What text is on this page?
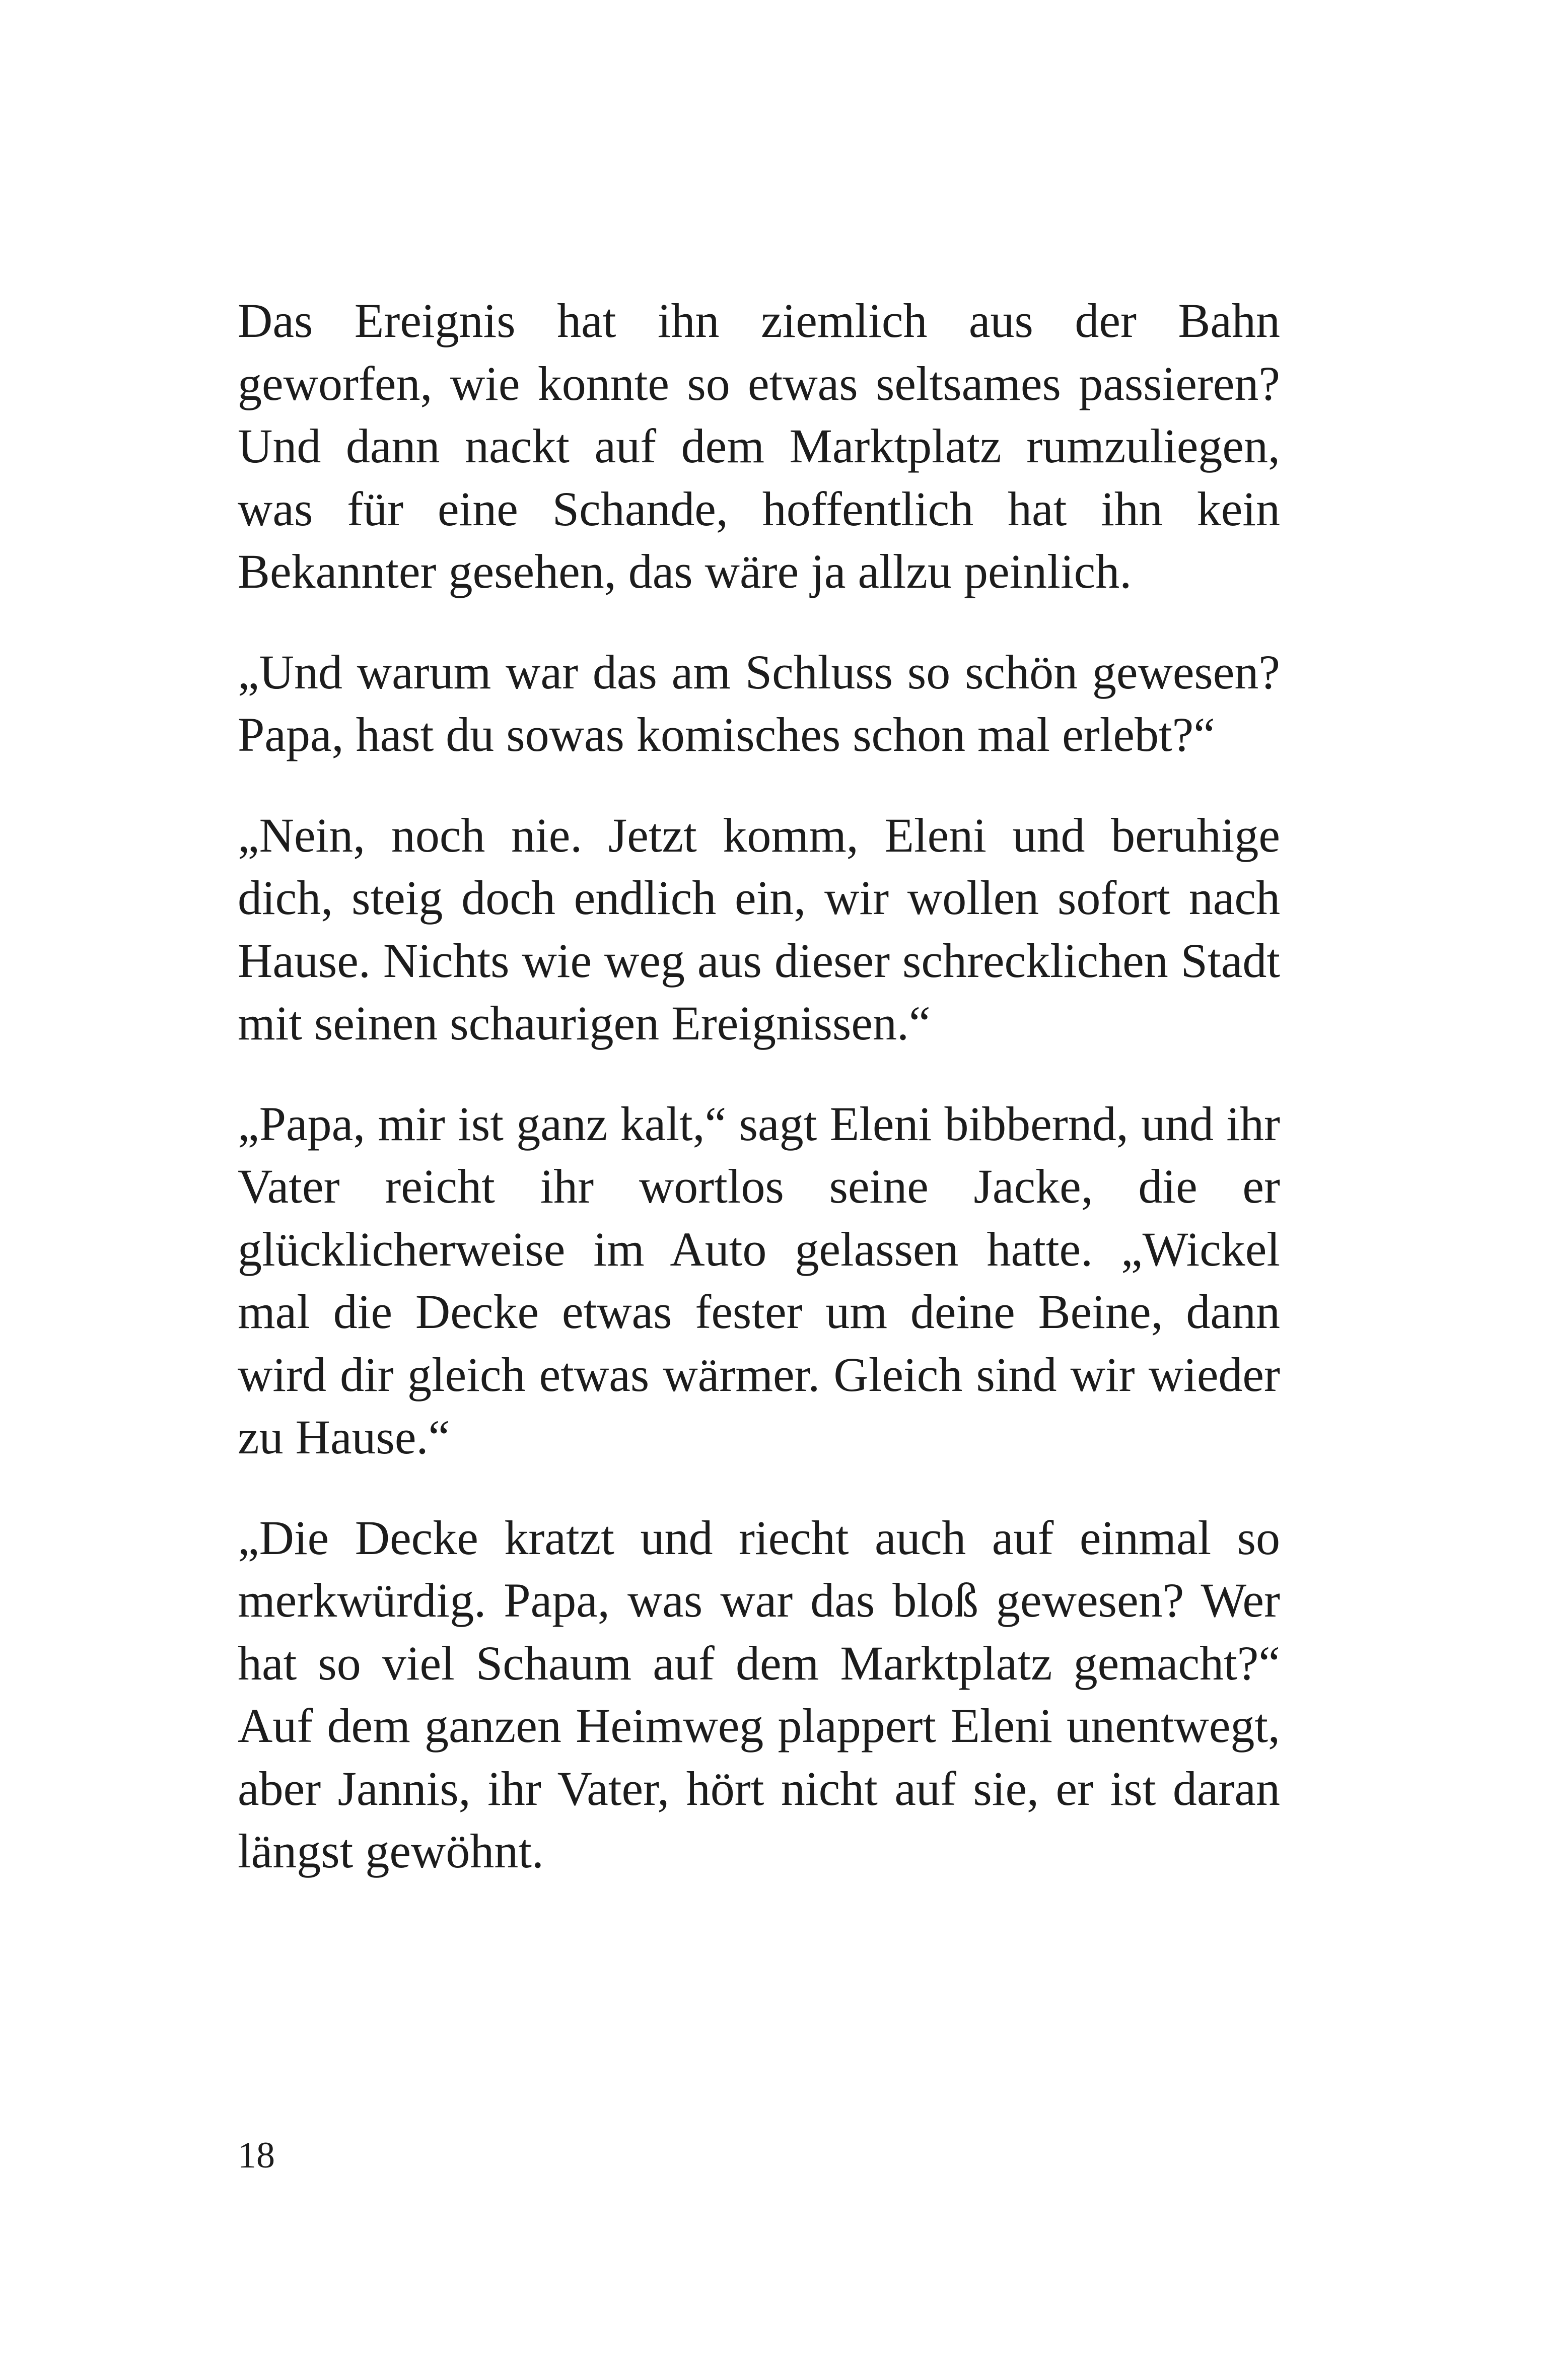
Das Ereignis hat ihn ziemlich aus der Bahn geworfen, wie konnte so etwas seltsames passieren? Und dann nackt auf dem Marktplatz rumzuliegen, was für eine Schande, hoffentlich hat ihn kein Bekannter gesehen, das wäre ja allzu peinlich.

„Und warum war das am Schluss so schön gewesen? Papa, hast du sowas komisches schon mal erlebt?“

„Nein, noch nie. Jetzt komm, Eleni und beruhige dich, steig doch endlich ein, wir wollen sofort nach Hause. Nichts wie weg aus dieser schrecklichen Stadt mit seinen schaurigen Ereignissen.“

„Papa, mir ist ganz kalt,“ sagt Eleni bibbernd, und ihr Vater reicht ihr wortlos seine Jacke, die er glücklicherweise im Auto gelassen hatte. „Wickel mal die Decke etwas fester um deine Beine, dann wird dir gleich etwas wärmer. Gleich sind wir wieder zu Hause.“

„Die Decke kratzt und riecht auch auf einmal so merkwürdig. Papa, was war das bloß gewesen? Wer hat so viel Schaum auf dem Marktplatz gemacht?“ Auf dem ganzen Heimweg plappert Eleni unentwegt, aber Jannis, ihr Vater, hört nicht auf sie, er ist daran längst gewöhnt.

18
